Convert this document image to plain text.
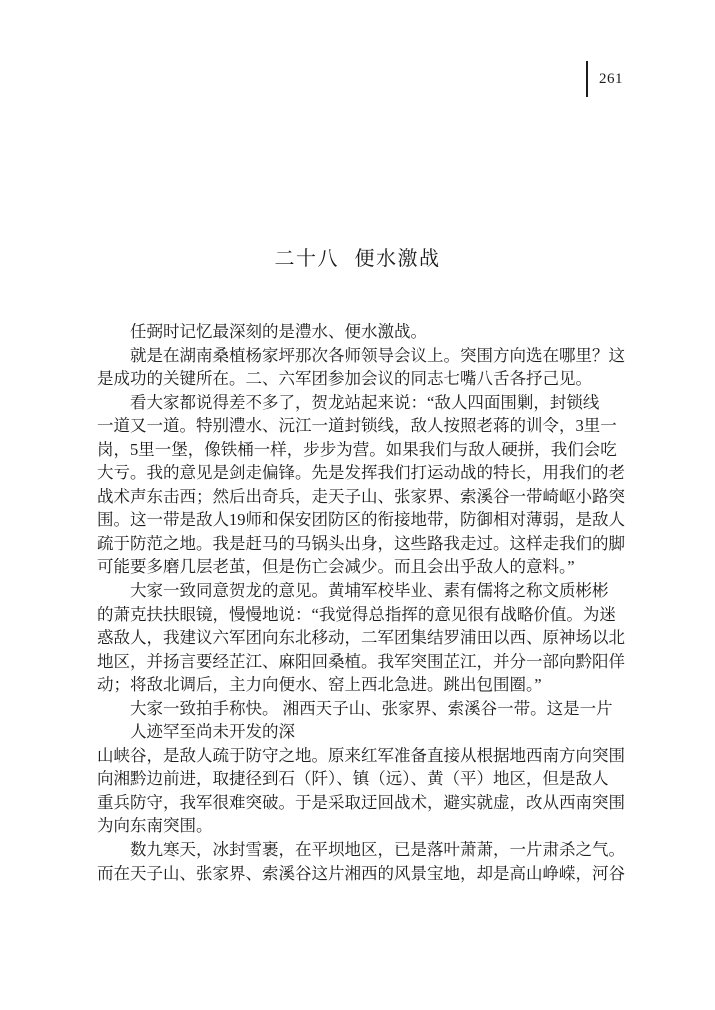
261
二十八 便水激战
任弼时记忆最深刻的是澧水、便水激战。
就是在湖南桑植杨家坪那次各师领导会议上。突围方向选在哪里？这
是成功的关键所在。二、六军团参加会议的同志七嘴八舌各抒己见。
看大家都说得差不多了，贺龙站起来说：“敌人四面围剿，封锁线
一道又一道。特别澧水、沅江一道封锁线，敌人按照老蒋的训令，3里一
岗，5里一堡，像铁桶一样，步步为营。如果我们与敌人硬拼，我们会吃
大亏。我的意见是剑走偏锋。先是发挥我们打运动战的特长，用我们的老
战术声东击西；然后出奇兵，走天子山、张家界、索溪谷一带崎岖小路突
围。这一带是敌人19师和保安团防区的衔接地带，防御相对薄弱，是敌人
疏于防范之地。我是赶马的马锅头出身，这些路我走过。这样走我们的脚
可能要多磨几层老茧，但是伤亡会减少。而且会出乎敌人的意料。”
大家一致同意贺龙的意见。黄埔军校毕业、素有儒将之称文质彬彬
的萧克扶扶眼镜，慢慢地说：“我觉得总指挥的意见很有战略价值。为迷
惑敌人，我建议六军团向东北移动，二军团集结罗浦田以西、原神场以北
地区，并扬言要经芷江、麻阳回桑植。我军突围芷江，并分一部向黔阳佯
动；将敌北调后，主力向便水、窑上西北急进。跳出包围圈。”
大家一致拍手称快。 湘西天子山、张家界、索溪谷一带。这是一片
人迹罕至尚未开发的深
山峡谷，是敌人疏于防守之地。原来红军准备直接从根据地西南方向突围
向湘黔边前进，取捷径到石（阡）、镇（远）、黄（平）地区，但是敌人
重兵防守，我军很难突破。于是采取迂回战术，避实就虚，改从西南突围
为向东南突围。
数九寒天，冰封雪裹，在平坝地区，已是落叶萧萧，一片肃杀之气。
而在天子山、张家界、索溪谷这片湘西的风景宝地，却是高山峥嵘，河谷
